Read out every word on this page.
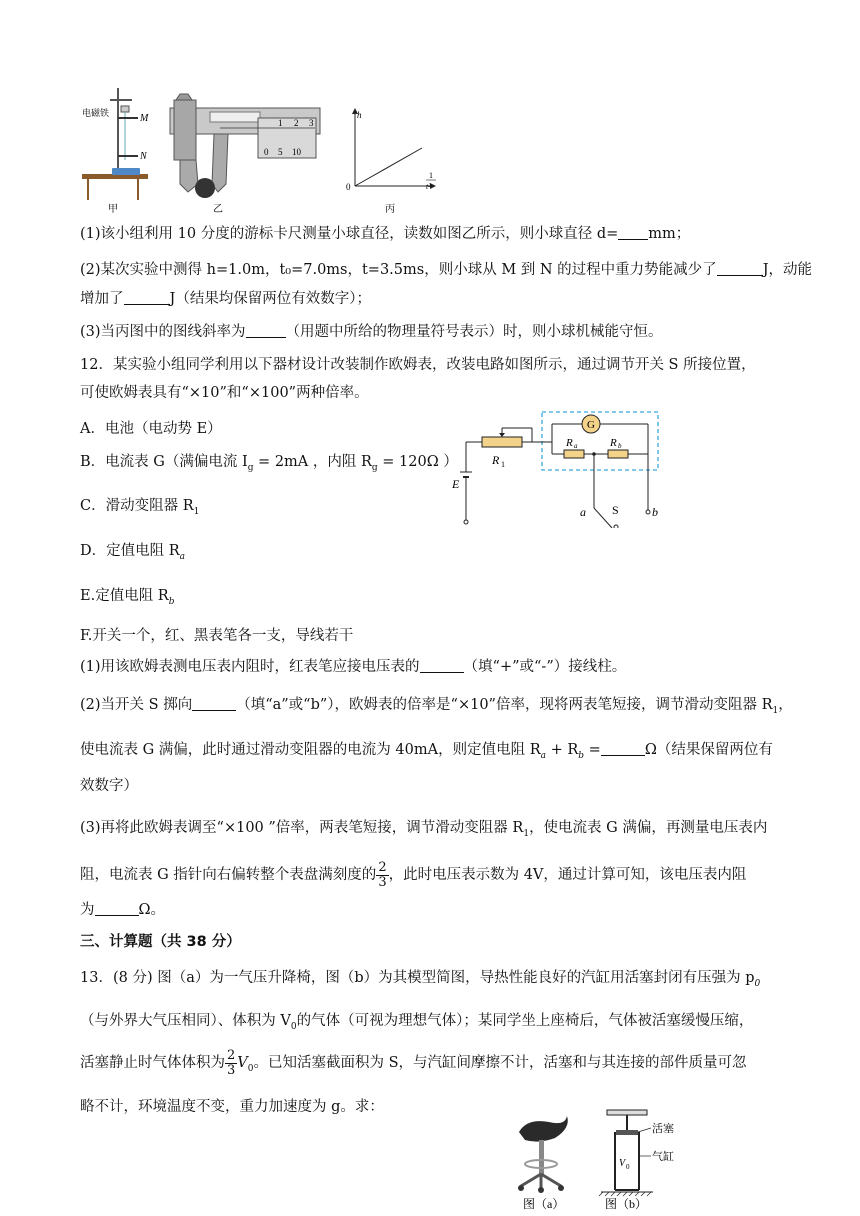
电磁铁	M
N
甲
1 2 3
0 5 10
乙
h
0
1
t²
丙
(1)该小组利用 10 分度的游标卡尺测量小球直径，读数如图乙所示，则小球直径 d= mm；
(2)某次实验中测得 h=1.0m，t₀=7.0ms，t=3.5ms，则小球从 M 到 N 的过程中重力势能减少了	J，动能
增加了	J（结果均保留两位有效数字）；
(3)当丙图中的图线斜率为	（用题中所给的物理量符号表示）时，则小球机械能守恒。
12．某实验小组同学利用以下器材设计改装制作欧姆表，改装电路如图所示，通过调节开关 S 所接位置，
可使欧姆表具有“×10”和“×100”两种倍率。
A．电池（电动势 E）
B．电流表 G（满偏电流 $I_g = 2mA$ ，内阻 $R_g = 120\Omega$ ）
C．滑动变阻器 $R_1$
D．定值电阻 $R_a$
E.定值电阻 $R_b$
F.开关一个，红、黑表笔各一支，导线若干
R 1
G
R a	R b
a	b
S
E
(1)用该欧姆表测电压表内阻时，红表笔应接电压表的	（填“+”或“-”）接线柱。
(2)当开关 S 掷向	（填“a”或“b”），欧姆表的倍率是“×10”倍率，现将两表笔短接，调节滑动变阻器 $R_1$，
使电流表 G 满偏，此时通过滑动变阻器的电流为 40mA，则定值电阻 $R_a + R_b$ =	Ω（结果保留两位有
效数字）
(3)再将此欧姆表调至“×100 ”倍率，两表笔短接，调节滑动变阻器 $R_1$，使电流表 G 满偏，再测量电压表内
阻，电流表 G 指针向右偏转整个表盘满刻度的 $\frac{2}{3}$ ，此时电压表示数为 4V，通过计算可知，该电压表内阻
为	Ω。
三、计算题（共 38 分）
13．(8 分) 图（a）为一气压升降椅，图（b）为其模型简图，导热性能良好的汽缸用活塞封闭有压强为 $p_0$
（与外界大气压相同）、体积为 $V_0$的气体（可视为理想气体）；某同学坐上座椅后，气体被活塞缓慢压缩，
活塞静止时气体体积为 $\frac{2}{3} V_0$。已知活塞截面积为 S，与汽缸间摩擦不计，活塞和与其连接的部件质量可忽
略不计，环境温度不变，重力加速度为 g。求：
图（a）
活塞
气缸
V 0
图（b）
